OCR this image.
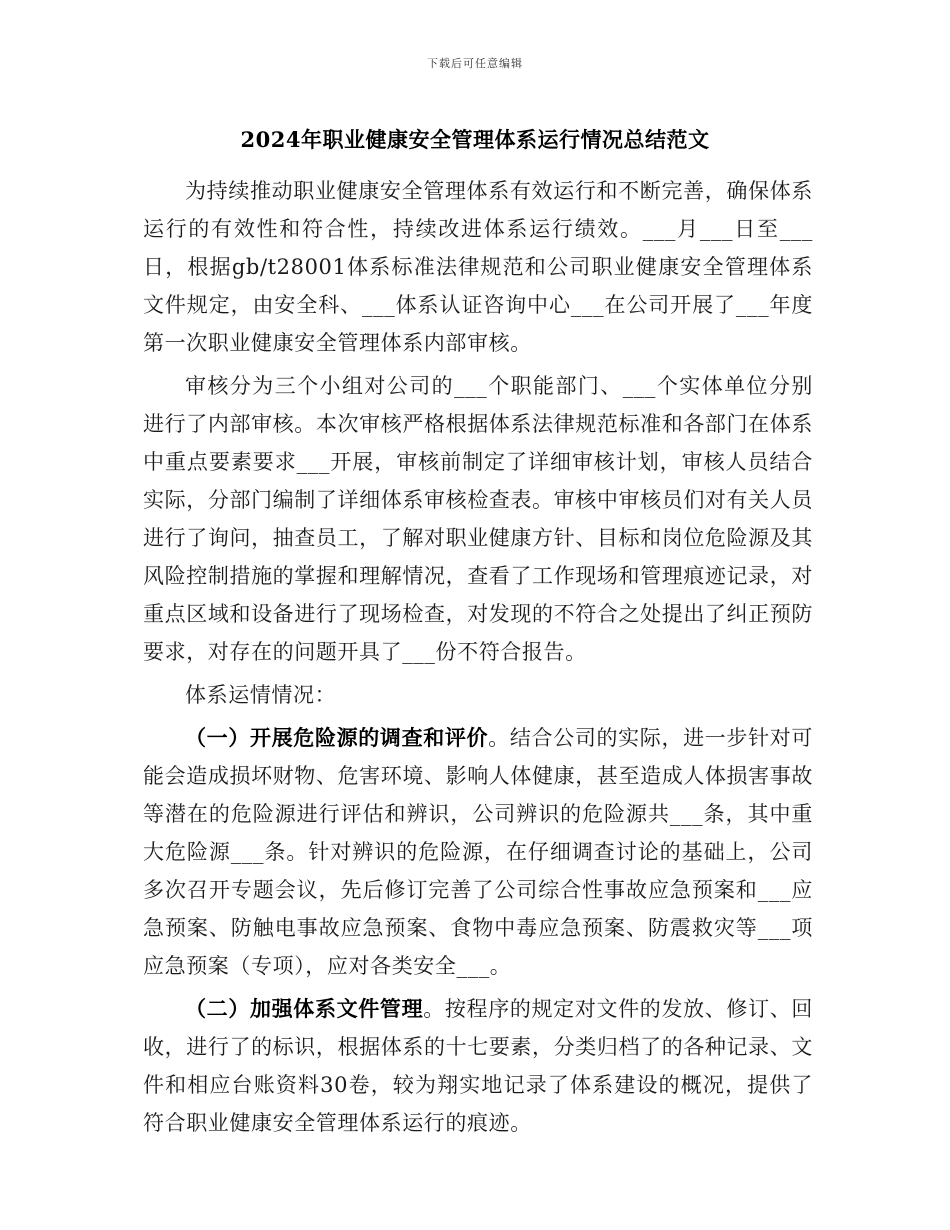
下载后可任意编辑
2024年职业健康安全管理体系运行情况总结范文

为持续推动职业健康安全管理体系有效运行和不断完善，确保体系运行的有效性和符合性，持续改进体系运行绩效。___月___日至___日，根据gb/t28001体系标准法律规范和公司职业健康安全管理体系文件规定，由安全科、___体系认证咨询中心___在公司开展了___年度第一次职业健康安全管理体系内部审核。

审核分为三个小组对公司的___个职能部门、___个实体单位分别进行了内部审核。本次审核严格根据体系法律规范标准和各部门在体系中重点要素要求___开展，审核前制定了详细审核计划，审核人员结合实际，分部门编制了详细体系审核检查表。审核中审核员们对有关人员进行了询问，抽查员工，了解对职业健康方针、目标和岗位危险源及其风险控制措施的掌握和理解情况，查看了工作现场和管理痕迹记录，对重点区域和设备进行了现场检查，对发现的不符合之处提出了纠正预防要求，对存在的问题开具了___份不符合报告。

体系运情情况：

（一）开展危险源的调查和评价。结合公司的实际，进一步针对可能会造成损坏财物、危害环境、影响人体健康，甚至造成人体损害事故等潜在的危险源进行评估和辨识，公司辨识的危险源共___条，其中重大危险源___条。针对辨识的危险源，在仔细调查讨论的基础上，公司多次召开专题会议，先后修订完善了公司综合性事故应急预案和___应急预案、防触电事故应急预案、食物中毒应急预案、防震救灾等___项应急预案（专项），应对各类安全___。

（二）加强体系文件管理。按程序的规定对文件的发放、修订、回收，进行了的标识，根据体系的十七要素，分类归档了的各种记录、文件和相应台账资料30卷，较为翔实地记录了体系建设的概况，提供了符合职业健康安全管理体系运行的痕迹。
